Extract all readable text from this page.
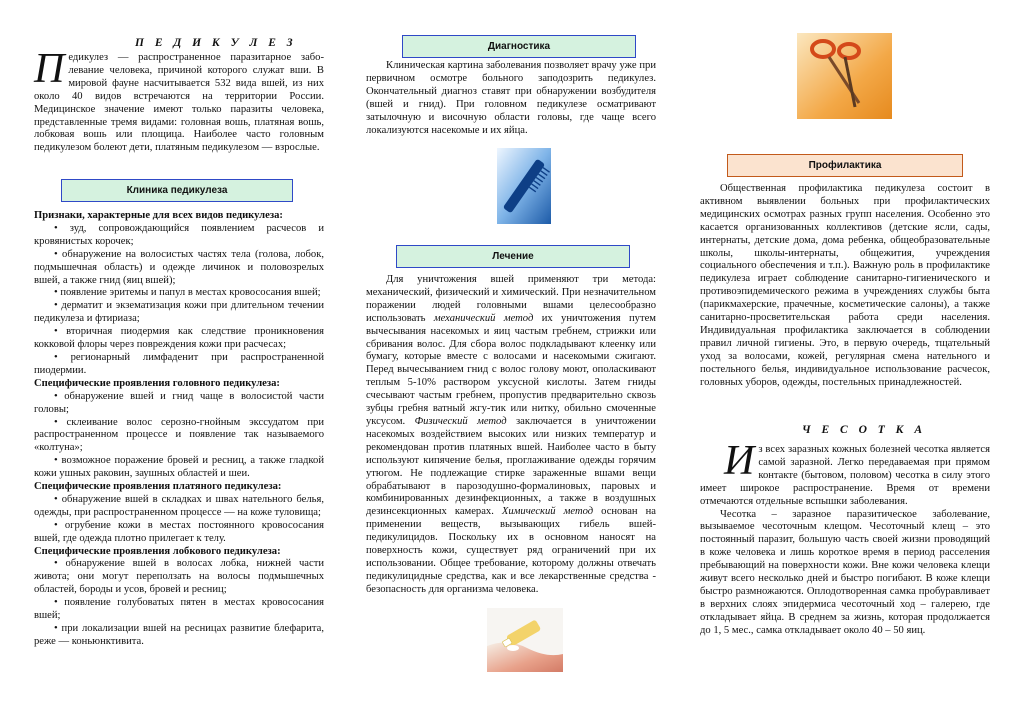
П Е Д И К У Л Е З

Педикулез — распространенное паразитарное забо-левание человека, причиной которого служат вши. В мировой фауне насчитывается 532 вида вшей, из них около 40 видов встречаются на территории России. Медицинское значение имеют только паразиты человека, представленные тремя видами: головная вошь, платяная вошь, лобковая вошь или площица. Наиболее часто головным педикулезом болеют дети, платяным педикулезом — взрослые.

Клиника педикулеза

Признаки, характерные для всех видов педикулеза:

• зуд, сопровождающийся появлением расчесов и кровянистых корочек;

• обнаружение на волосистых частях тела (голова, лобок, подмышечная область) и одежде личинок и половозрелых вшей, а также гнид (яиц вшей);

• появление эритемы и папул в местах кровососания вшей;

• дерматит и экзематизация кожи при длительном течении педикулеза и фтириаза;

• вторичная пиодермия как следствие проникновения кокковой флоры через повреждения кожи при расчесах;

• регионарный лимфаденит при распространенной пиодермии.

Специфические проявления головного педикулеза:

• обнаружение вшей и гнид чаще в волосистой части головы;

• склеивание волос серозно-гнойным экссудатом при распространенном процессе и появление так называемого «колтуна»;

• возможное поражение бровей и ресниц, а также гладкой кожи ушных раковин, заушных областей и шеи.

Специфические проявления платяного педикулеза:

• обнаружение вшей в складках и швах нательного белья, одежды, при распространенном процессе — на коже туловища;

• огрубение кожи в местах постоянного кровососания вшей, где одежда плотно прилегает к телу.

Специфические проявления лобкового педикулеза:

• обнаружение вшей в волосах лобка, нижней части живота; они могут переползать на волосы подмышечных областей, бороды и усов, бровей и ресниц;

• появление голубоватых пятен в местах кровососания вшей;

• при локализации вшей на ресницах развитие блефарита, реже — коньюнктивита.

Диагностика

Клиническая картина заболевания позволяет врачу уже при первичном осмотре больного заподозрить педикулез. Окончательный диагноз ставят при обнаружении возбудителя (вшей и гнид). При головном педикулезе осматривают затылочную и височную области головы, где чаще всего локализуются насекомые и их яйца.

Лечение

Для уничтожения вшей применяют три метода: механический, физический и химический. При незначительном поражении людей головными вшами целесообразно использовать механический метод их уничтожения путем вычесывания насекомых и яиц частым гребнем, стрижки или сбривания волос. Для сбора волос подкладывают клеенку или бумагу, которые вместе с волосами и насекомыми сжигают. Перед вычесыванием гнид с волос голову моют, ополаскивают теплым 5-10% раствором уксусной кислоты. Затем гниды счесывают частым гребнем, пропустив предварительно сквозь зубцы гребня ватный жгу-тик или нитку, обильно смоченные уксусом. Физический метод заключается в уничтожении насекомых воздействием высоких или низких температур и рекомендован против платяных вшей. Наиболее часто в быту используют кипячение белья, проглаживание одежды горячим утюгом. Не подлежащие стирке зараженные вшами вещи обрабатывают в парозодушно-формалиновых, паровых и комбинированных дезинфекционных, а также в воздушных дезинсекционных камерах. Химический метод основан на применении веществ, вызывающих гибель вшей-педикулицидов. Поскольку их в основном наносят на поверхность кожи, существует ряд ограничений при их использовании. Общее требование, которому должны отвечать педикулицидные средства, как и все лекарственные средства - безопасность для организма человека.

Профилактика

Общественная профилактика педикулеза состоит в активном выявлении больных при профилактических медицинских осмотрах разных групп населения. Особенно это касается организованных коллективов (детские ясли, сады, интернаты, детские дома, дома ребенка, общеобразовательные школы, школы-интернаты, общежития, учреждения социального обеспечения и т.п.). Важную роль в профилактике педикулеза играет соблюдение санитарно-гигиенического и противоэпидемического режима в учреждениях службы быта (парикмахерские, прачечные, косметические салоны), а также санитарно-просветительская работа среди населения. Индивидуальная профилактика заключается в соблюдении правил личной гигиены. Это, в первую очередь, тщательный уход за волосами, кожей, регулярная смена нательного и постельного белья, индивидуальное использование расчесок, головных уборов, одежды, постельных принадлежностей.

Ч Е С О Т К А

Из всех заразных кожных болезней чесотка является самой заразной. Легко передаваемая при прямом контакте (бытовом, половом) чесотка в силу этого имеет широкое распространение. Время от времени отмечаются отдельные вспышки заболевания.

Чесотка – заразное паразитическое заболевание, вызываемое чесоточным клещом. Чесоточный клещ – это постоянный паразит, большую часть своей жизни проводящий в коже человека и лишь короткое время в период расселения пребывающий на поверхности кожи. Вне кожи человека клещи живут всего несколько дней и быстро погибают. В коже клещи быстро размножаются. Оплодотворенная самка пробуравливает в верхних слоях эпидермиса чесоточный ход – галерею, где откладывает яйца. В среднем за жизнь, которая продолжается до 1, 5 мес., самка откладывает около 40 – 50 яиц.
